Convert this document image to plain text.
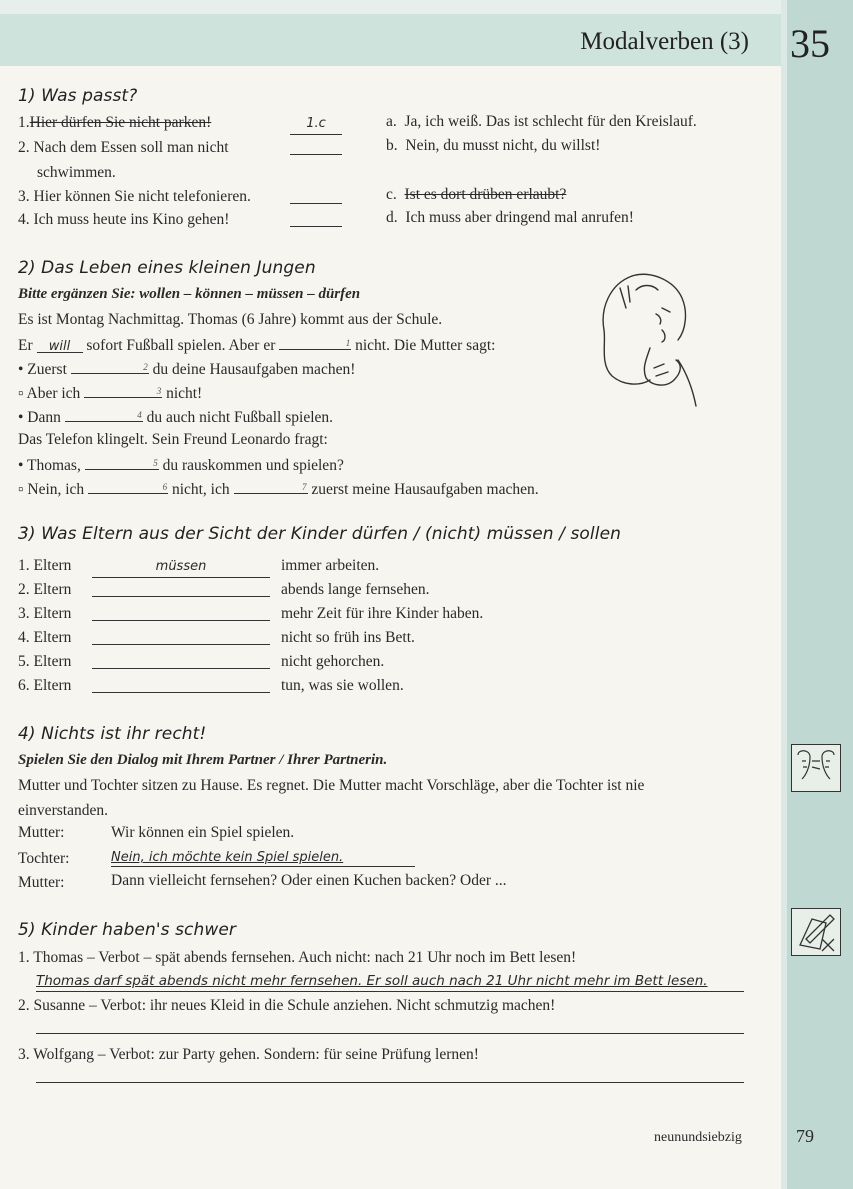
Modalverben (3) 35
1) Was passt?
1.Hier dürfen Sie nicht parken!	1.c
2. Nach dem Essen soll man nicht
schwimmen.
3. Hier können Sie nicht telefonieren.
4. Ich muss heute ins Kino gehen!
a. Ja, ich weiß. Das ist schlecht für den Kreislauf.
b. Nein, du musst nicht, du willst!
c. Ist es dort drüben erlaubt?
d. Ich muss aber dringend mal anrufen!
2) Das Leben eines kleinen Jungen
Bitte ergänzen Sie: wollen – können – müssen – dürfen
Es ist Montag Nachmittag. Thomas (6 Jahre) kommt aus der Schule.
Er will sofort Fußball spielen. Aber er	1 nicht. Die Mutter sagt:
• Zuerst	2 du deine Hausaufgaben machen!
▫ Aber ich	3 nicht!
• Dann	4 du auch nicht Fußball spielen.
Das Telefon klingelt. Sein Freund Leonardo fragt:
• Thomas,	5 du rauskommen und spielen?
▫ Nein, ich	6 nicht, ich	7 zuerst meine Hausaufgaben machen.
3) Was Eltern aus der Sicht der Kinder dürfen / (nicht) müssen / sollen
1. Eltern	müssen	immer arbeiten.
2. Eltern	abends lange fernsehen.
3. Eltern	mehr Zeit für ihre Kinder haben.
4. Eltern	nicht so früh ins Bett.
5. Eltern	nicht gehorchen.
6. Eltern	tun, was sie wollen.
4) Nichts ist ihr recht!
Spielen Sie den Dialog mit Ihrem Partner / Ihrer Partnerin.
Mutter und Tochter sitzen zu Hause. Es regnet. Die Mutter macht Vorschläge, aber die Tochter ist nie
einverstanden.
Mutter:	Wir können ein Spiel spielen.
Tochter:	Nein, ich möchte kein Spiel spielen.
Mutter:	Dann vielleicht fernsehen? Oder einen Kuchen backen? Oder ...
5) Kinder haben's schwer
1. Thomas – Verbot – spät abends fernsehen. Auch nicht: nach 21 Uhr noch im Bett lesen!
Thomas darf spät abends nicht mehr fernsehen. Er soll auch nach 21 Uhr nicht mehr im Bett lesen.
2. Susanne – Verbot: ihr neues Kleid in die Schule anziehen. Nicht schmutzig machen!
3. Wolfgang – Verbot: zur Party gehen. Sondern: für seine Prüfung lernen!
neunundsiebzig	79
